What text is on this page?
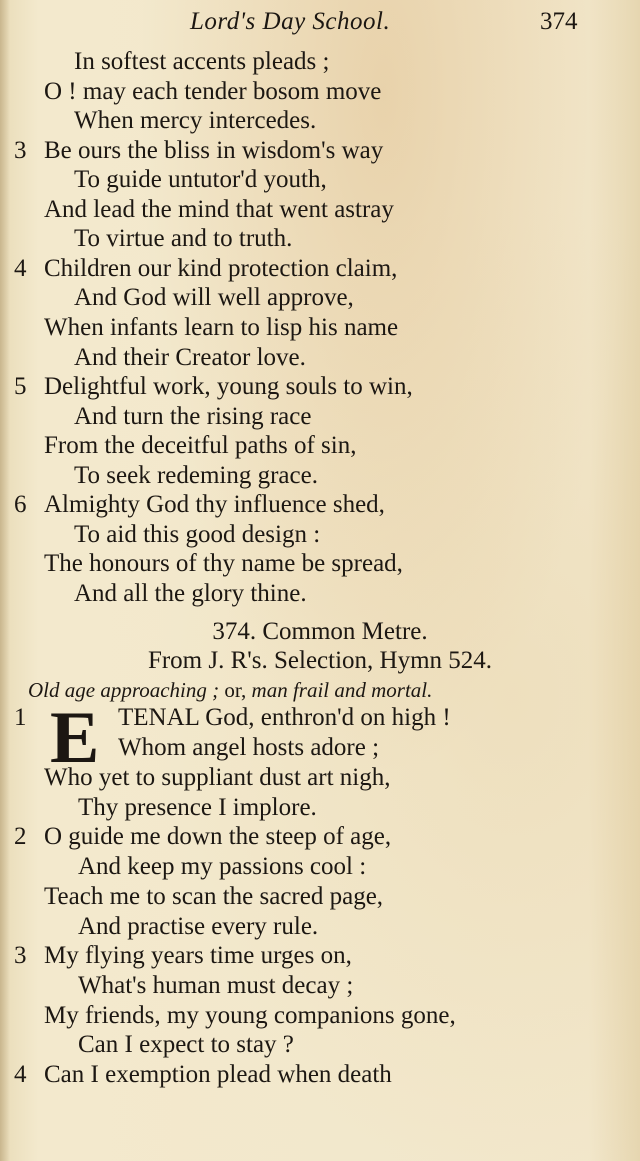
Lord's Day School.	374
In softest accents pleads ;
O ! may each tender bosom move
When mercy intercedes.
3 Be ours the bliss in wisdom's way
To guide untutor'd youth,
And lead the mind that went astray
To virtue and to truth.
4 Children our kind protection claim,
And God will well approve,
When infants learn to lisp his name
And their Creator love.
5 Delightful work, young souls to win,
And turn the rising race
From the deceitful paths of sin,
To seek redeming grace.
6 Almighty God thy influence shed,
To aid this good design :
The honours of thy name be spread,
And all the glory thine.
374. Common Metre.
From J. R's. Selection, Hymn 524.
Old age approaching ; or, man frail and mortal.
1 E TENAL God, enthron'd on high !
Whom angel hosts adore ;
Who yet to suppliant dust art nigh,
Thy presence I implore.
2 O guide me down the steep of age,
And keep my passions cool :
Teach me to scan the sacred page,
And practise every rule.
3 My flying years time urges on,
What's human must decay ;
My friends, my young companions gone,
Can I expect to stay ?
4 Can I exemption plead when death
